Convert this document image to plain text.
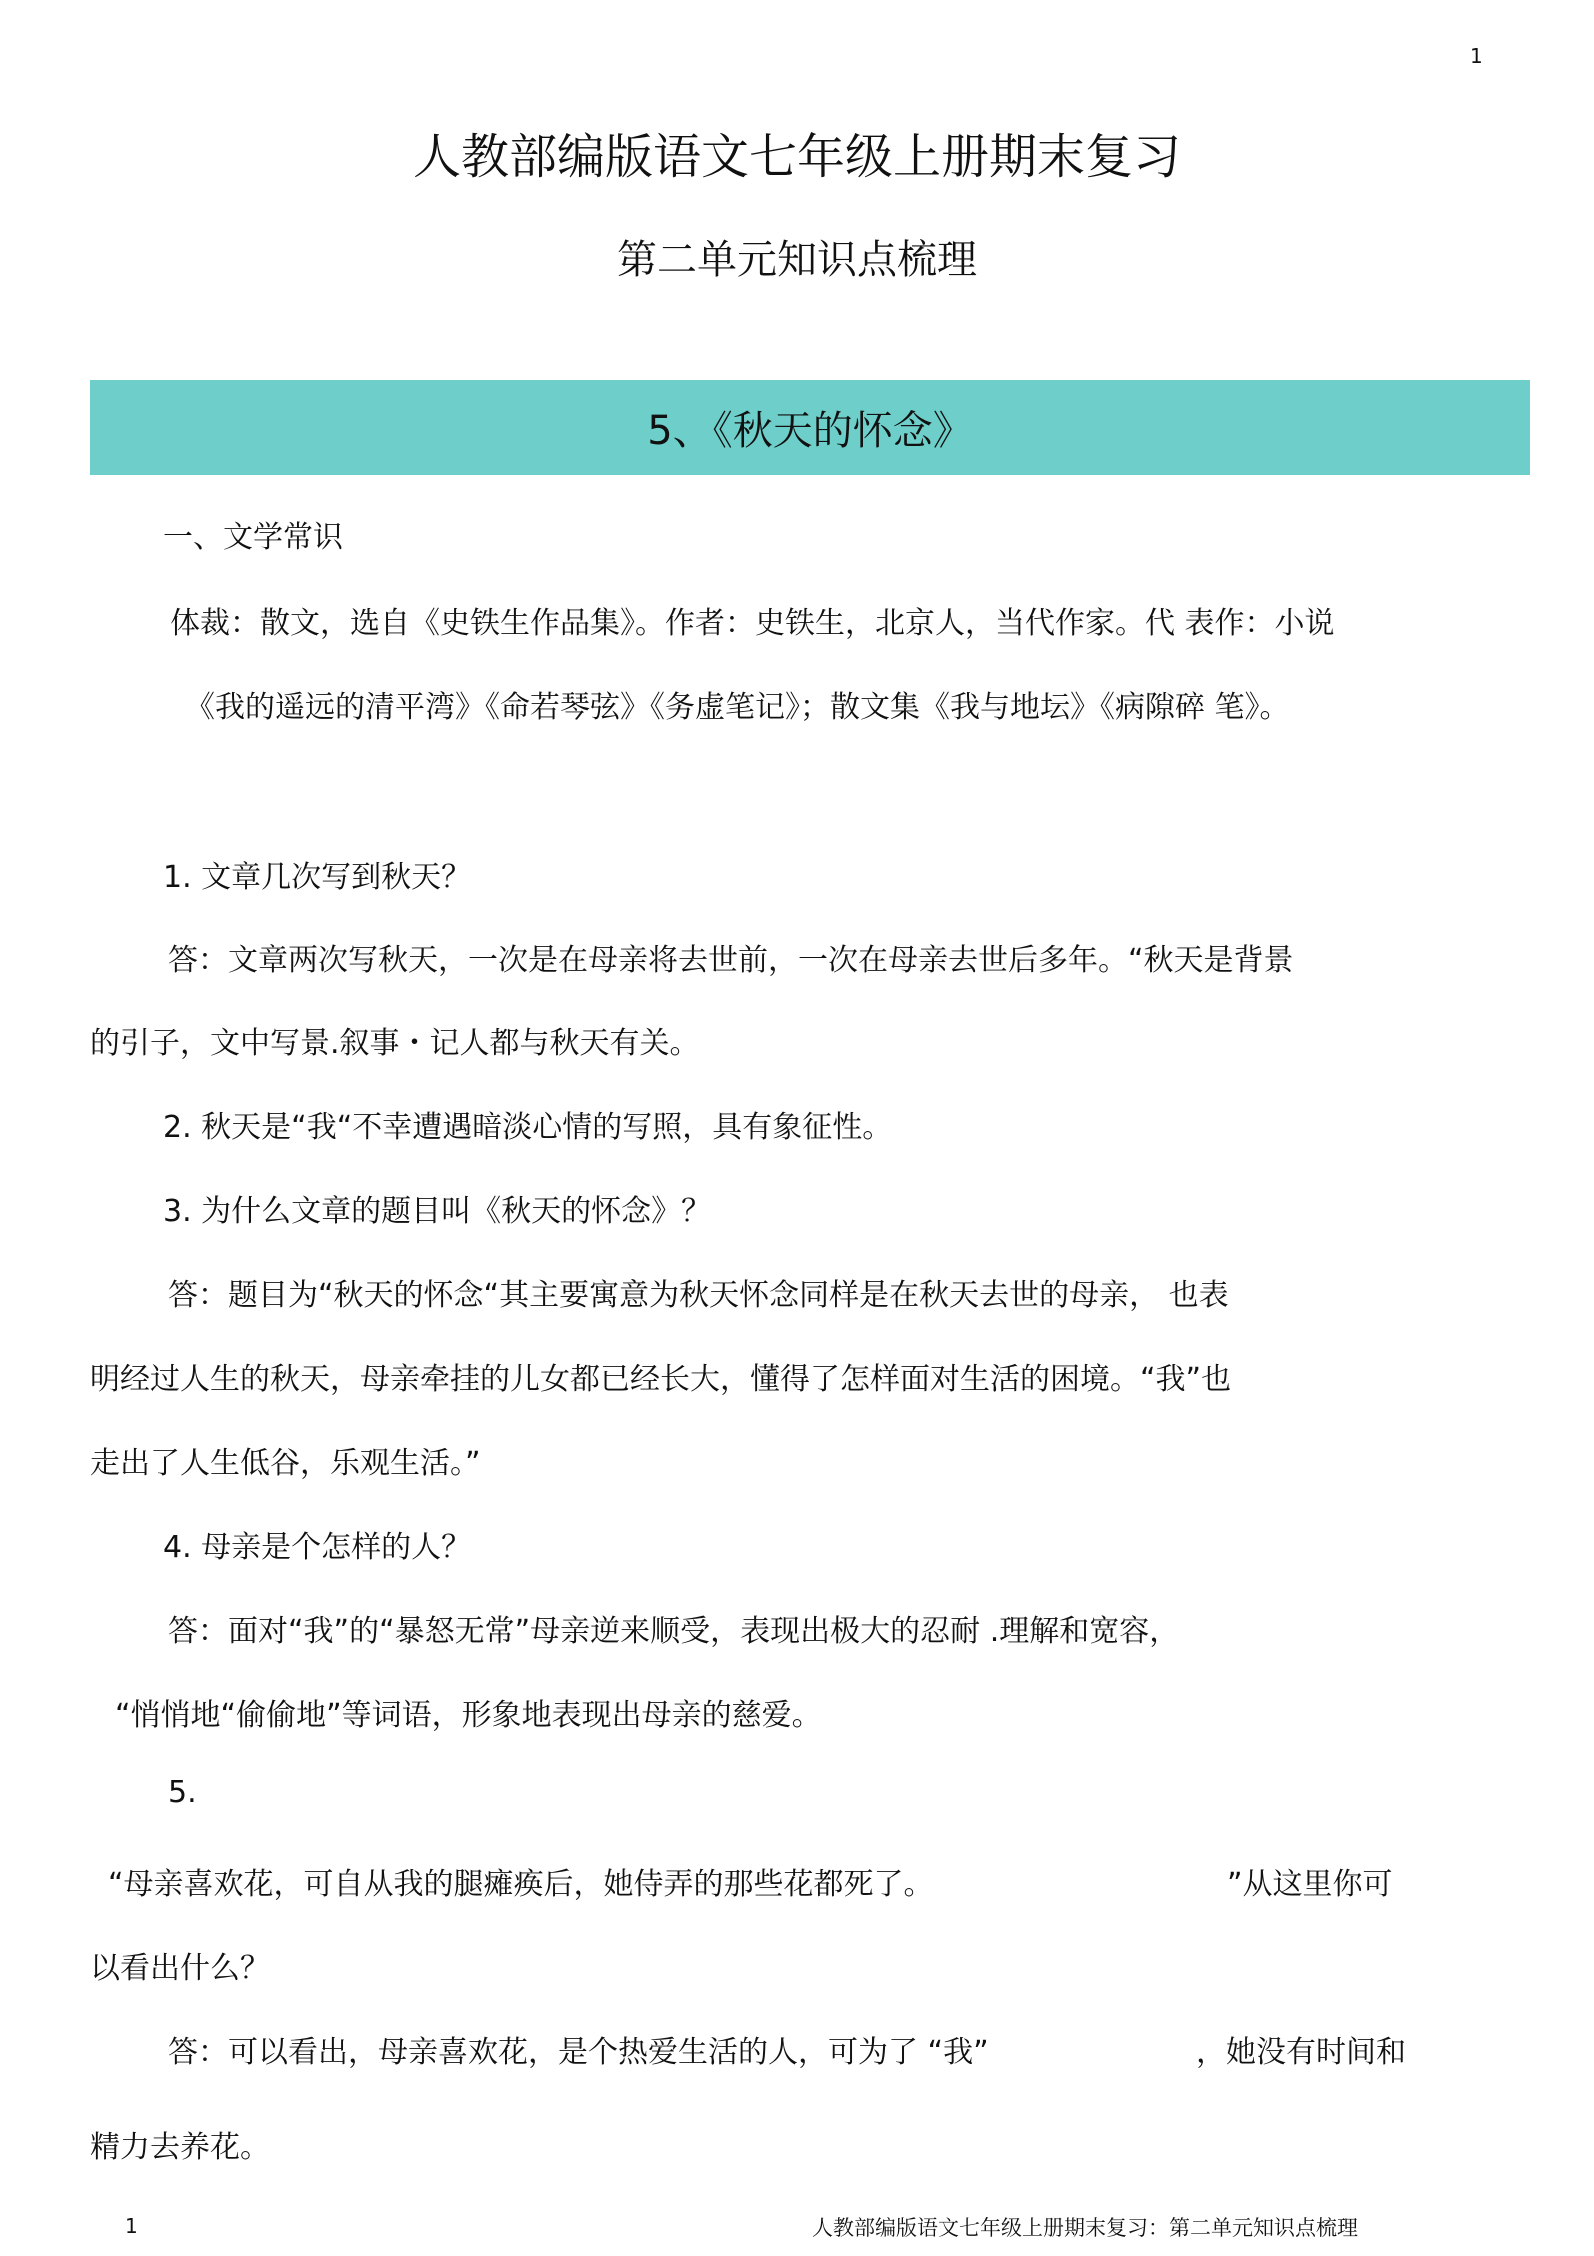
1
人教部编版语文七年级上册期末复习
第二单元知识点梳理
5、《秋天的怀念》
一、文学常识
体裁：散文，选自《史铁生作品集》。作者：史铁生，北京人，当代作家。代 表作：小说
《我的遥远的清平湾》《命若琴弦》《务虚笔记》；散文集《我与地坛》《病隙碎 笔》。
1. 文章几次写到秋天？
答：文章两次写秋天，一次是在母亲将去世前，一次在母亲去世后多年。“秋天是背景
的引子，文中写景.叙事・记人都与秋天有关。
2. 秋天是“我“不幸遭遇暗淡心情的写照，具有象征性。
3. 为什么文章的题目叫《秋天的怀念》？
答：题目为“秋天的怀念“其主要寓意为秋天怀念同样是在秋天去世的母亲， 也表
明经过人生的秋天，母亲牵挂的儿女都已经长大，懂得了怎样面对生活的困境。“我”也
走出了人生低谷，乐观生活。”
4. 母亲是个怎样的人？
答：面对“我”的“暴怒无常”母亲逆来顺受，表现出极大的忍耐 .理解和宽容，
“悄悄地“偷偷地”等词语，形象地表现出母亲的慈爱。
5.
“母亲喜欢花，可自从我的腿瘫痪后，她侍弄的那些花都死了。	”从这里你可
以看出什么？
答：可以看出，母亲喜欢花，是个热爱生活的人，可为了 “我”	，她没有时间和
精力去养花。
1	人教部编版语文七年级上册期末复习：第二单元知识点梳理
